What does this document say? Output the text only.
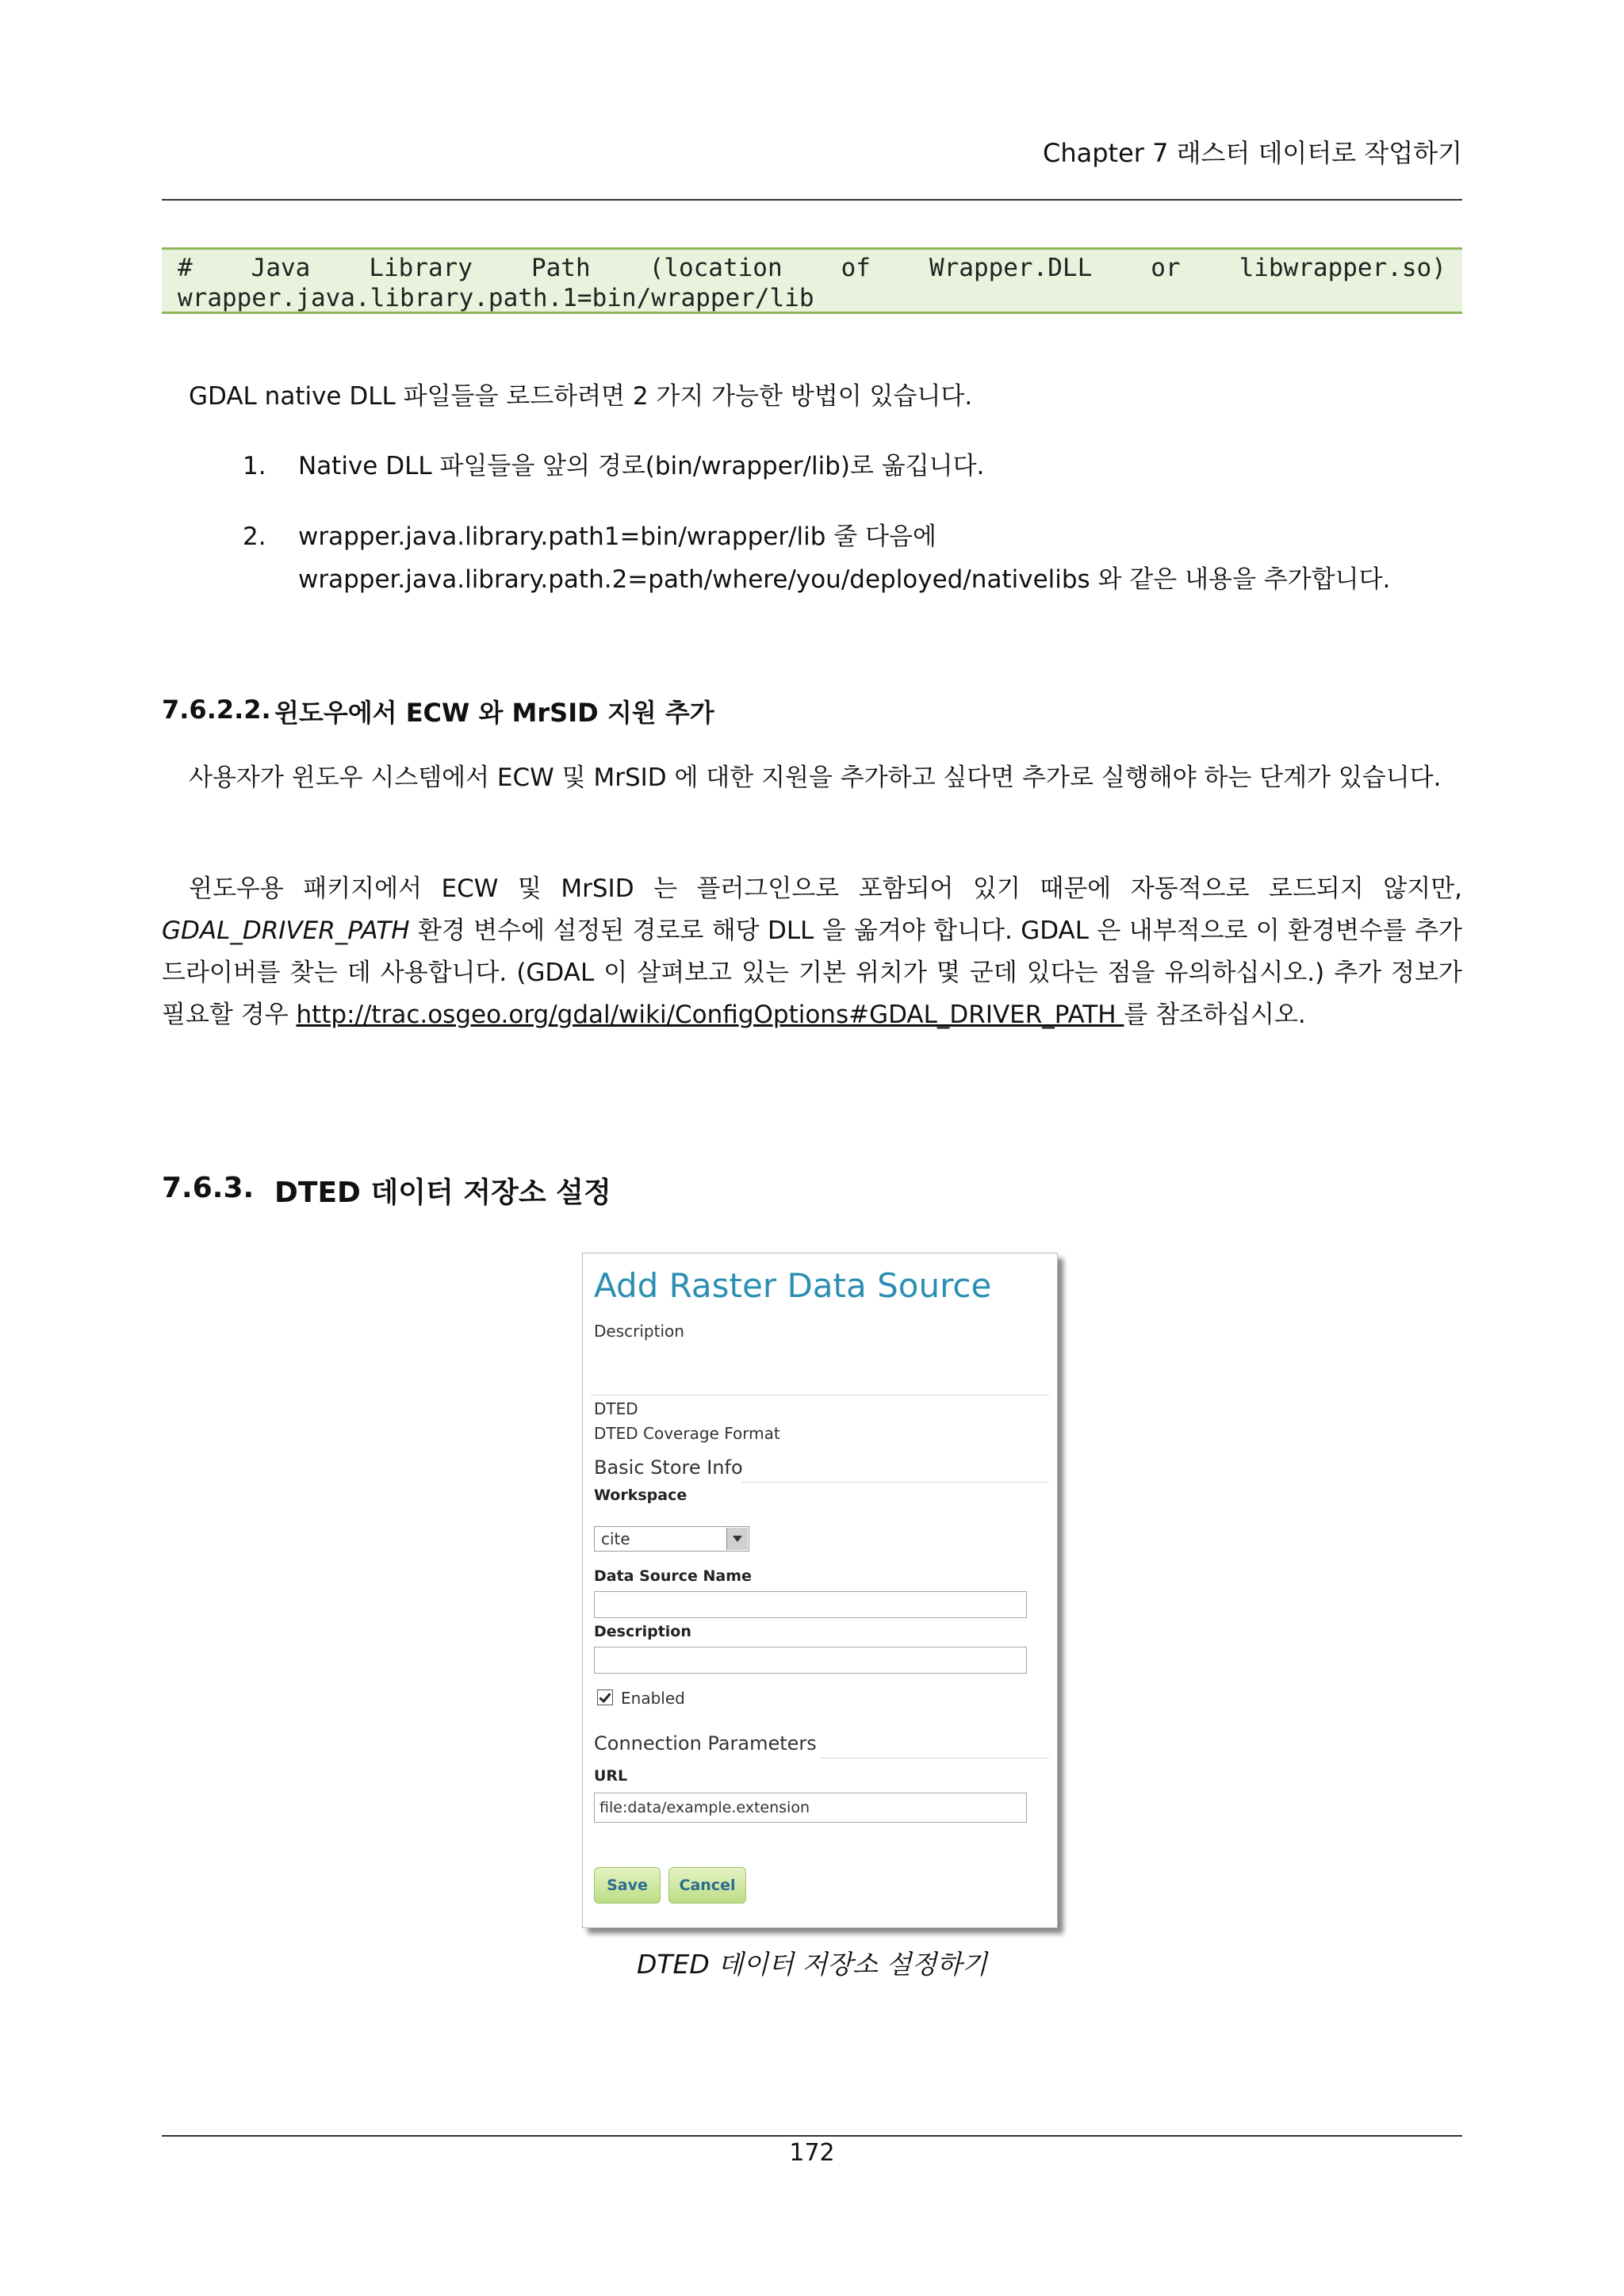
Chapter 7 래스터 데이터로 작업하기
# Java Library Path (location of Wrapper.DLL or libwrapper.so)
wrapper.java.library.path.1=bin/wrapper/lib
GDAL native DLL 파일들을 로드하려면 2 가지 가능한 방법이 있습니다.
1. Native DLL 파일들을 앞의 경로(bin/wrapper/lib)로 옮깁니다.
2. wrapper.java.library.path1=bin/wrapper/lib 줄 다음에
wrapper.java.library.path.2=path/where/you/deployed/nativelibs 와 같은 내용을 추가합니다.
7.6.2.2. 윈도우에서 ECW 와 MrSID 지원 추가
사용자가 윈도우 시스템에서 ECW 및 MrSID 에 대한 지원을 추가하고 싶다면 추가로 실행해야 하는 단계가 있습니다.
윈도우용 패키지에서 ECW 및 MrSID 는 플러그인으로 포함되어 있기 때문에 자동적으로 로드되지 않지만, GDAL_DRIVER_PATH 환경 변수에 설정된 경로로 해당 DLL 을 옮겨야 합니다. GDAL 은 내부적으로 이 환경변수를 추가 드라이버를 찾는 데 사용합니다. (GDAL 이 살펴보고 있는 기본 위치가 몇 군데 있다는 점을 유의하십시오.) 추가 정보가 필요할 경우 http://trac.osgeo.org/gdal/wiki/ConfigOptions#GDAL_DRIVER_PATH 를 참조하십시오.
7.6.3. DTED 데이터 저장소 설정
Add Raster Data Source
Description
DTED
DTED Coverage Format
Basic Store Info
Workspace
cite
Data Source Name
Description
Enabled
Connection Parameters
URL
file:data/example.extension
Save	Cancel
DTED 데이터 저장소 설정하기
172
